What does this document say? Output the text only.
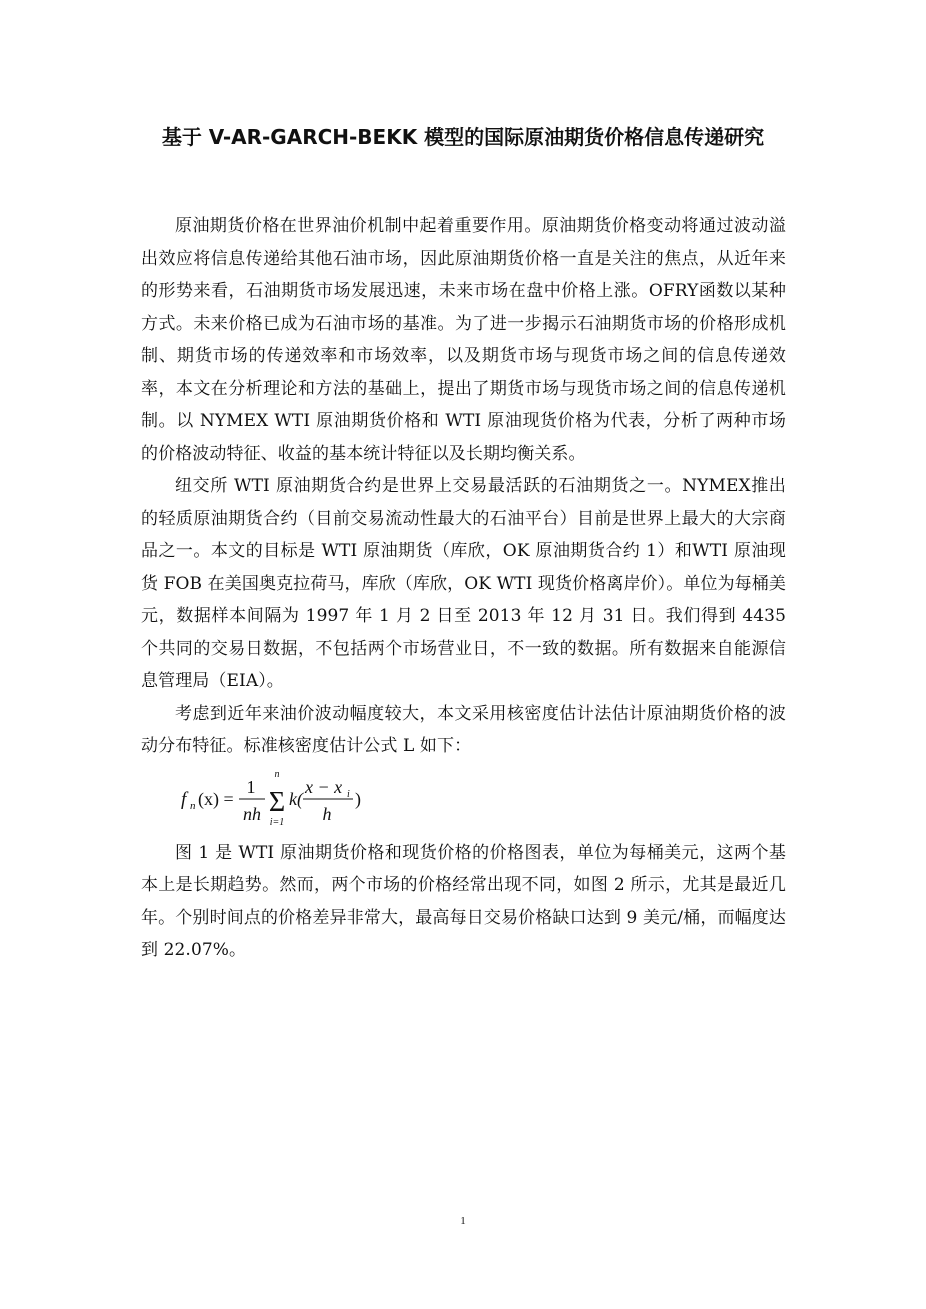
基于 V-AR-GARCH-BEKK 模型的国际原油期货价格信息传递研究

原油期货价格在世界油价机制中起着重要作用。原油期货价格变动将通过波动溢出效应将信息传递给其他石油市场，因此原油期货价格一直是关注的焦点，从近年来的形势来看，石油期货市场发展迅速，未来市场在盘中价格上涨。OFRY函数以某种方式。未来价格已成为石油市场的基准。为了进一步揭示石油期货市场的价格形成机制、期货市场的传递效率和市场效率，以及期货市场与现货市场之间的信息传递效率，本文在分析理论和方法的基础上，提出了期货市场与现货市场之间的信息传递机制。以 NYMEX WTI 原油期货价格和 WTI 原油现货价格为代表，分析了两种市场的价格波动特征、收益的基本统计特征以及长期均衡关系。

纽交所 WTI 原油期货合约是世界上交易最活跃的石油期货之一。NYMEX推出的轻质原油期货合约（目前交易流动性最大的石油平台）目前是世界上最大的大宗商品之一。本文的目标是 WTI 原油期货（库欣，OK 原油期货合约 1）和WTI 原油现货 FOB 在美国奥克拉荷马，库欣（库欣，OK WTI 现货价格离岸价）。单位为每桶美元，数据样本间隔为 1997 年 1 月 2 日至 2013 年 12 月 31 日。我们得到 4435 个共同的交易日数据，不包括两个市场营业日，不一致的数据。所有数据来自能源信息管理局（EIA）。

考虑到近年来油价波动幅度较大，本文采用核密度估计法估计原油期货价格的波动分布特征。标准核密度估计公式 L 如下：

f n (x) =
1
nh
n
Σ
i=1
k(
x − x i
h
)

图 1 是 WTI 原油期货价格和现货价格的价格图表，单位为每桶美元，这两个基本上是长期趋势。然而，两个市场的价格经常出现不同，如图 2 所示，尤其是最近几年。个别时间点的价格差异非常大，最高每日交易价格缺口达到 9 美元/桶，而幅度达到 22.07%。

1
